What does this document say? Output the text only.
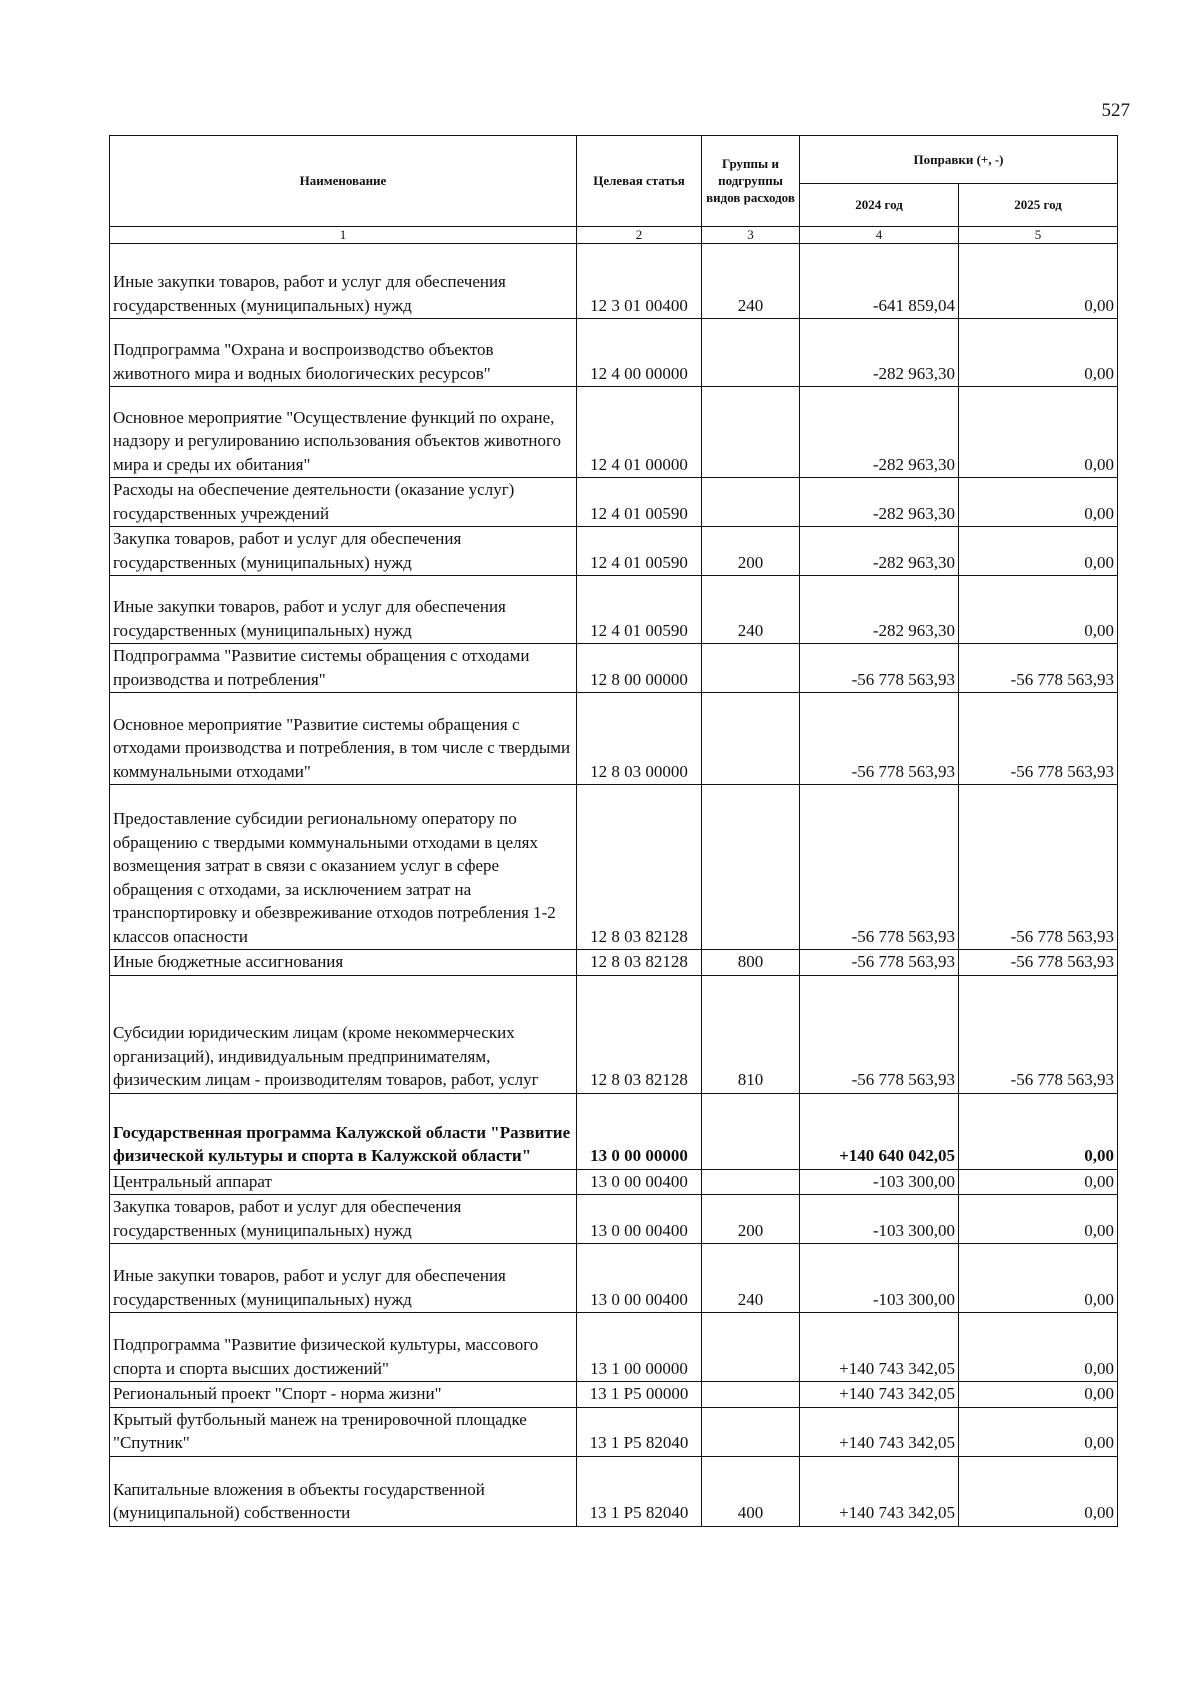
527
Наименование	Целевая статья	Группы и подгруппы видов расходов	Поправки (+, -)	
			2024 год	2025 год
1	2	3	4	5
Иные закупки товаров, работ и услуг для обеспечения государственных (муниципальных) нужд	12 3 01 00400	240	-641 859,04	0,00
Подпрограмма "Охрана и воспроизводство объектов животного мира и водных биологических ресурсов"	12 4 00 00000		-282 963,30	0,00
Основное мероприятие "Осуществление функций по охране, надзору и регулированию использования объектов животного мира и среды их обитания"	12 4 01 00000		-282 963,30	0,00
Расходы на обеспечение деятельности (оказание услуг) государственных учреждений	12 4 01 00590		-282 963,30	0,00
Закупка товаров, работ и услуг для обеспечения государственных (муниципальных) нужд	12 4 01 00590	200	-282 963,30	0,00
Иные закупки товаров, работ и услуг для обеспечения государственных (муниципальных) нужд	12 4 01 00590	240	-282 963,30	0,00
Подпрограмма "Развитие системы обращения с отходами производства и потребления"	12 8 00 00000		-56 778 563,93	-56 778 563,93
Основное мероприятие "Развитие системы обращения с отходами производства и потребления, в том числе с твердыми коммунальными отходами"	12 8 03 00000		-56 778 563,93	-56 778 563,93
Предоставление субсидии региональному оператору по обращению с твердыми коммунальными отходами в целях возмещения затрат в связи с оказанием услуг в сфере обращения с отходами, за исключением затрат на транспортировку и обезвреживание отходов потребления 1-2 классов опасности	12 8 03 82128		-56 778 563,93	-56 778 563,93
Иные бюджетные ассигнования	12 8 03 82128	800	-56 778 563,93	-56 778 563,93
Субсидии юридическим лицам (кроме некоммерческих организаций), индивидуальным предпринимателям, физическим лицам - производителям товаров, работ, услуг	12 8 03 82128	810	-56 778 563,93	-56 778 563,93
Государственная программа Калужской области "Развитие физической культуры и спорта в Калужской области"	13 0 00 00000		+140 640 042,05	0,00
Центральный аппарат	13 0 00 00400		-103 300,00	0,00
Закупка товаров, работ и услуг для обеспечения государственных (муниципальных) нужд	13 0 00 00400	200	-103 300,00	0,00
Иные закупки товаров, работ и услуг для обеспечения государственных (муниципальных) нужд	13 0 00 00400	240	-103 300,00	0,00
Подпрограмма "Развитие физической культуры, массового спорта и спорта высших достижений"	13 1 00 00000		+140 743 342,05	0,00
Региональный проект "Спорт - норма жизни"	13 1 P5 00000		+140 743 342,05	0,00
Крытый футбольный манеж на тренировочной площадке "Спутник"	13 1 P5 82040		+140 743 342,05	0,00
Капитальные вложения в объекты государственной (муниципальной) собственности	13 1 P5 82040	400	+140 743 342,05	0,00
